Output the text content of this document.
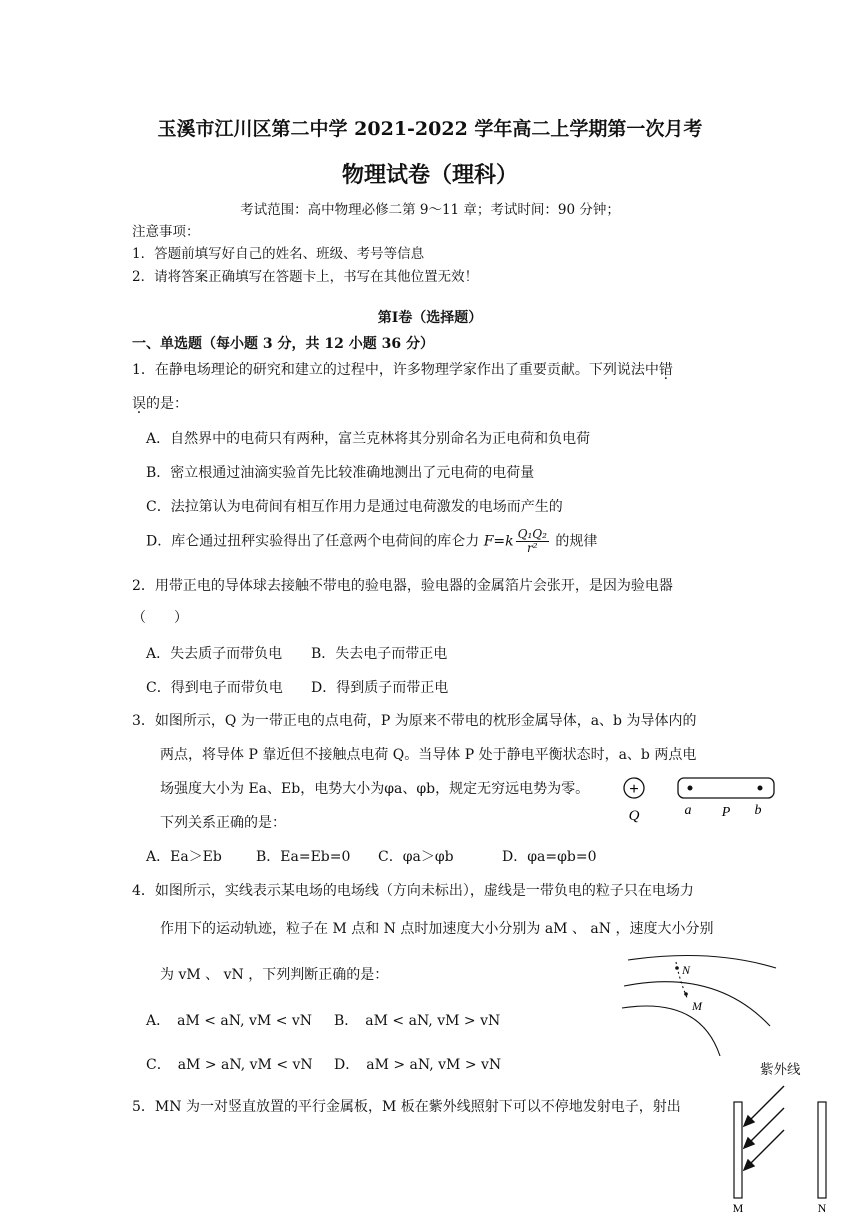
玉溪市江川区第二中学 2021-2022 学年高二上学期第一次月考
物理试卷（理科）
考试范围：高中物理必修二第 9～11 章；考试时间：90 分钟；
注意事项：
1．答题前填写好自己的姓名、班级、考号等信息
2．请将答案正确填写在答题卡上，书写在其他位置无效！
第Ⅰ卷（选择题）
一、单选题（每小题 3 分，共 12 小题 36 分）
1．在静电场理论的研究和建立的过程中，许多物理学家作出了重要贡献。下列说法中错
误的是：
A．自然界中的电荷只有两种，富兰克林将其分别命名为正电荷和负电荷
B．密立根通过油滴实验首先比较准确地测出了元电荷的电荷量
C．法拉第认为电荷间有相互作用力是通过电荷激发的电场而产生的
D．库仑通过扭秤实验得出了任意两个电荷间的库仑力 $F=k \frac{\text{Q₁Q₂}}{\text{r²}}$ 的规律
2．用带正电的导体球去接触不带电的验电器，验电器的金属箔片会张开，是因为验电器
（　　）
A．失去质子而带负电 B．失去电子而带正电
C．得到电子而带负电 D．得到质子而带正电
3．如图所示，Q 为一带正电的点电荷，P 为原来不带电的枕形金属导体，a、b 为导体内的
两点，将导体 P 靠近但不接触点电荷 Q。当导体 P 处于静电平衡状态时，a、b 两点电
场强度大小为 Ea、Eb，电势大小为φa、φb，规定无穷远电势为零。
下列关系正确的是：
A．Ea＞Eb B．Ea=Eb=0 C．φa＞φb	D．φa=φb=0
+
Q	a P b
4．如图所示，实线表示某电场的电场线（方向未标出），虚线是一带负电的粒子只在电场力
作用下的运动轨迹，粒子在 M 点和 N 点时加速度大小分别为 aM 、 aN ，速度大小分别
为 vM 、 vN ，下列判断正确的是：
A．　aM < aN, vM < vN B．　aM < aN, vM > vN
C．　aM > aN, vM < vN D．　aM > aN, vM > vN
N
M
5．MN 为一对竖直放置的平行金属板，M 板在紫外线照射下可以不停地发射电子，射出
紫外线
M	N
